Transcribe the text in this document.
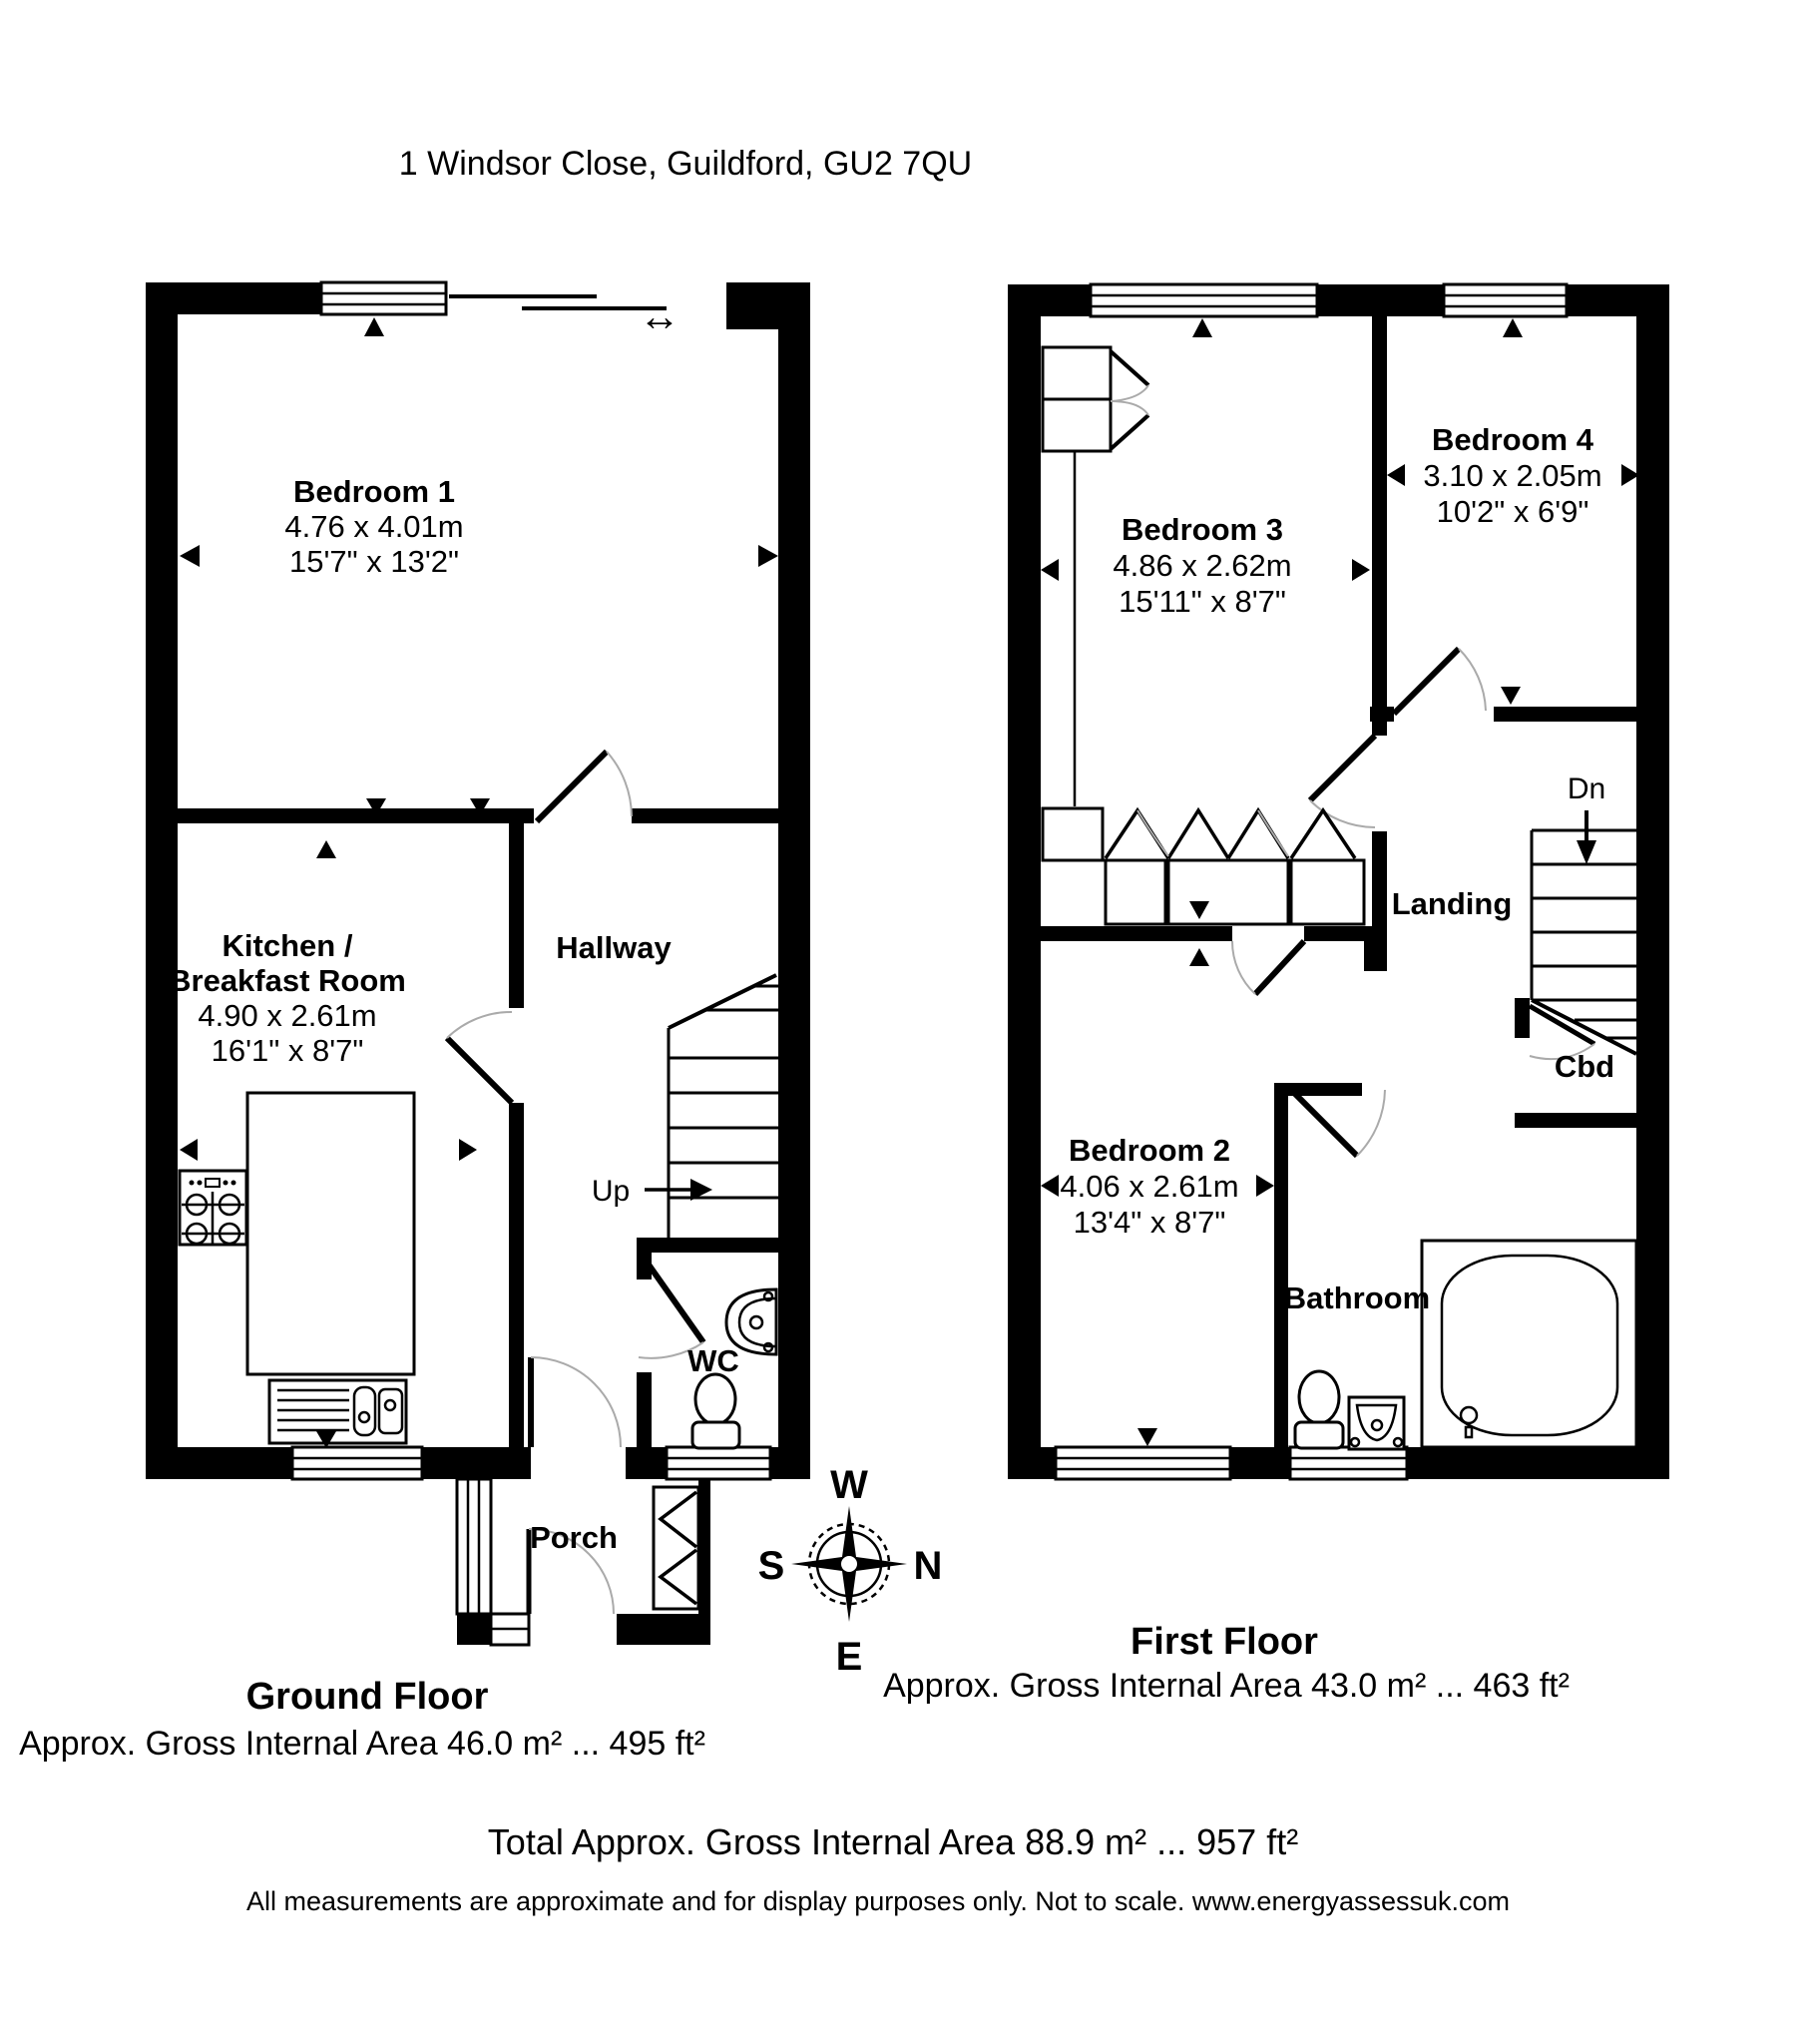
1 Windsor Close, Guildford, GU2 7QU
↔
Bedroom 1
4.76 x 4.01m
15'7" x 13'2"
Kitchen /
Breakfast Room
4.90 x 2.61m
16'1" x 8'7"
Hallway
Up
WC
Porch
Bedroom 3
4.86 x 2.62m
15'11" x 8'7"
Bedroom 4
3.10 x 2.05m
10'2" x 6'9"
Bedroom 2
4.06 x 2.61m
13'4" x 8'7"
Landing
Dn
Cbd
Bathroom
W
S	N
E
Ground Floor
Approx. Gross Internal Area 46.0 m² ... 495 ft²
First Floor
Approx. Gross Internal Area 43.0 m² ... 463 ft²
Total Approx. Gross Internal Area 88.9 m² ... 957 ft²
All measurements are approximate and for display purposes only. Not to scale. www.energyassessuk.com
